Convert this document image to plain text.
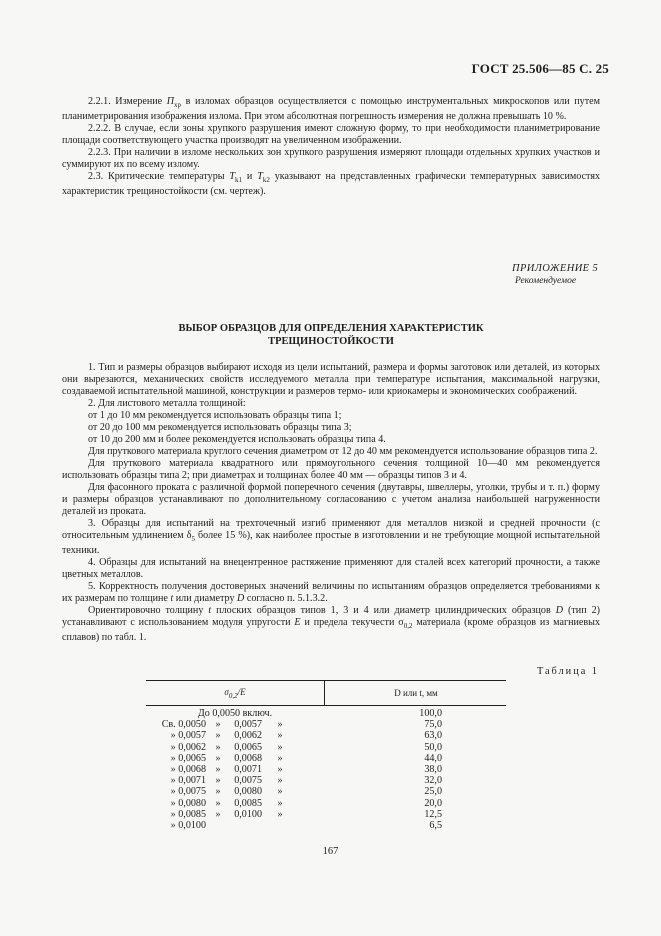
ГОСТ 25.506—85 С. 25

2.2.1. Измерение $П_{хр}$ в изломах образцов осуществляется с помощью инструментальных микроскопов или путем планиметрирования изображения излома. При этом абсолютная погрешность измерения не должна превышать 10 %.

2.2.2. В случае, если зоны хрупкого разрушения имеют сложную форму, то при необходимости планиметрирование площади соответствующего участка производят на увеличенном изображении.

2.2.3. При наличии в изломе нескольких зон хрупкого разрушения измеряют площади отдельных хрупких участков и суммируют их по всему излому.

2.3. Критические температуры $T_{k1}$ и $T_{k2}$ указывают на представленных графически температурных зависимостях характеристик трещиностойкости (см. чертеж).

ПРИЛОЖЕНИЕ 5
Рекомендуемое
ВЫБОР ОБРАЗЦОВ ДЛЯ ОПРЕДЕЛЕНИЯ ХАРАКТЕРИСТИК
ТРЕЩИНОСТОЙКОСТИ

1. Тип и размеры образцов выбирают исходя из цели испытаний, размера и формы заготовок или деталей, из которых они вырезаются, механических свойств исследуемого металла при температуре испытания, максимальной нагрузки, создаваемой испытательной машиной, конструкции и размеров термо- или криокамеры и экономических соображений.

2. Для листового металла толщиной:

от 1 до 10 мм рекомендуется использовать образцы типа 1;

от 20 до 100 мм рекомендуется использовать образцы типа 3;

от 10 до 200 мм и более рекомендуется использовать образцы типа 4.

Для пруткового материала круглого сечения диаметром от 12 до 40 мм рекомендуется использование образцов типа 2.

Для пруткового материала квадратного или прямоугольного сечения толщиной 10—40 мм рекомендуется использовать образцы типа 2; при диаметрах и толщинах более 40 мм — образцы типов 3 и 4.

Для фасонного проката с различной формой поперечного сечения (двутавры, швеллеры, уголки, трубы и т. п.) форму и размеры образцов устанавливают по дополнительному согласованию с учетом анализа наибольшей нагруженности деталей из проката.

3. Образцы для испытаний на трехточечный изгиб применяют для металлов низкой и средней прочности (с относительным удлинением $\delta_5$ более 15 %), как наиболее простые в изготовлении и не требующие мощной испытательной техники.

4. Образцы для испытаний на внецентренное растяжение применяют для сталей всех категорий прочности, а также цветных металлов.

5. Корректность получения достоверных значений величины по испытаниям образцов определяется требованиями к их размерам по толщине t или диаметру D согласно п. 5.1.3.2.

Ориентировочно толщину t плоских образцов типов 1, 3 и 4 или диаметр цилиндрических образцов D (тип 2) устанавливают с использованием модуля упругости E и предела текучести $\sigma_{0,2}$ материала (кроме образцов из магниевых сплавов) по табл. 1.

Таблица 1
$\sigma_{0,2}/E$	D или t, мм
До 0,0050 включ.	100,0
Св. 0,0050 »	0,0057	»	75,0
» 0,0057 »	0,0062	»	63,0
» 0,0062 »	0,0065	»	50,0
» 0,0065 »	0,0068	»	44,0
» 0,0068 »	0,0071	»	38,0
» 0,0071 »	0,0075	»	32,0
» 0,0075 »	0,0080	»	25,0
» 0,0080 »	0,0085	»	20,0
» 0,0085 »	0,0100	»	12,5
» 0,0100	6,5
167
